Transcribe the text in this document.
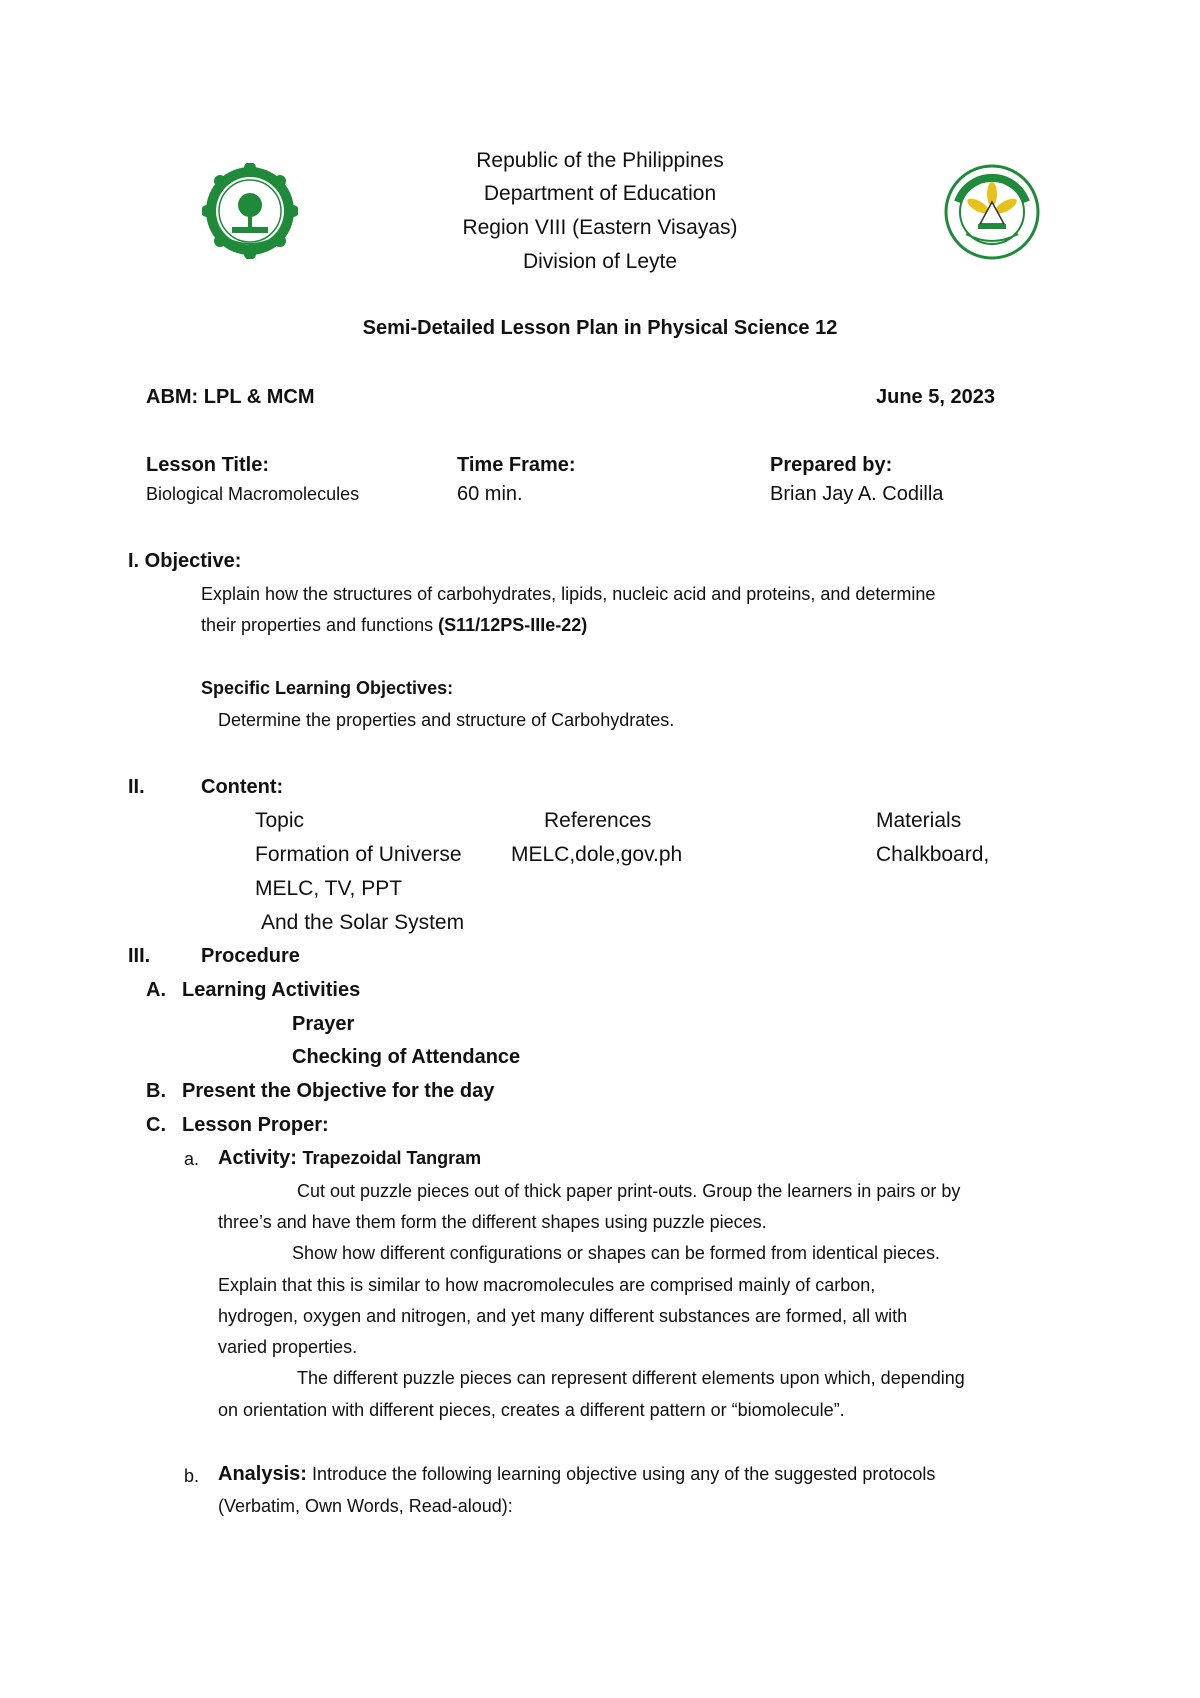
Republic of the Philippines
Department of Education
Region VIII (Eastern Visayas)
Division of Leyte
Semi-Detailed Lesson Plan in Physical Science 12
ABM: LPL & MCM	June 5, 2023
Lesson Title:
Biological Macromolecules
Time Frame:
60 min.
Prepared by:
Brian Jay A. Codilla
I. Objective:
Explain how the structures of carbohydrates, lipids, nucleic acid and proteins, and determine
their properties and functions (S11/12PS-IIIe-22)
Specific Learning Objectives:
Determine the properties and structure of Carbohydrates.
II.	Content:
Topic	References	Materials
Formation of Universe MELC,dole,gov.ph	Chalkboard,
MELC, TV, PPT
And the Solar System
III.	Procedure
A. Learning Activities
Prayer
Checking of Attendance
B. Present the Objective for the day
C. Lesson Proper:
a. Activity: Trapezoidal Tangram
Cut out puzzle pieces out of thick paper print-outs. Group the learners in pairs or by
three’s and have them form the different shapes using puzzle pieces.
Show how different configurations or shapes can be formed from identical pieces.
Explain that this is similar to how macromolecules are comprised mainly of carbon,
hydrogen, oxygen and nitrogen, and yet many different substances are formed, all with
varied properties.
The different puzzle pieces can represent different elements upon which, depending
on orientation with different pieces, creates a different pattern or “biomolecule”.
b. Analysis: Introduce the following learning objective using any of the suggested protocols
(Verbatim, Own Words, Read-aloud):
